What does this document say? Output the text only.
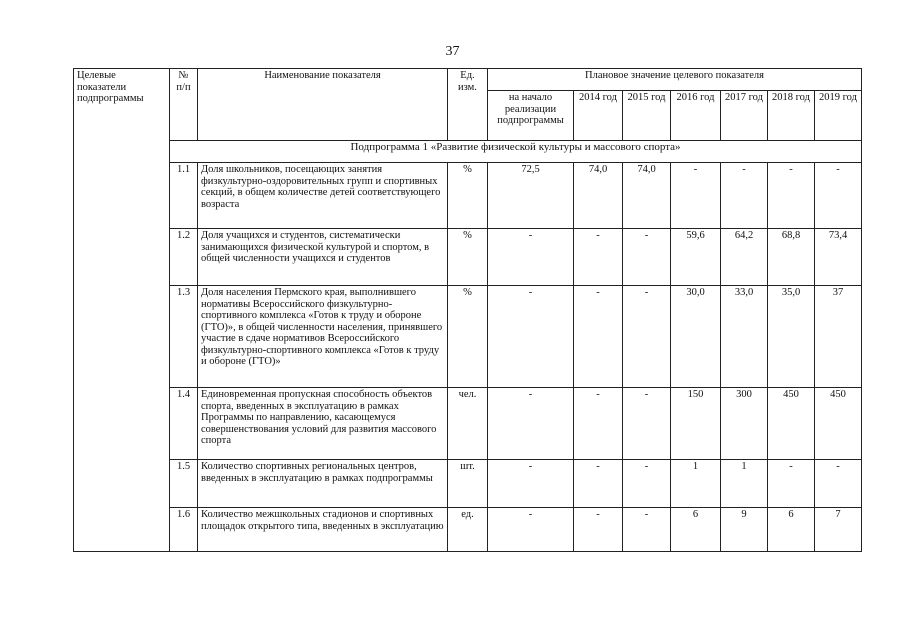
37
Целевые показатели подпрограммы	№ п/п	Наименование показателя	Ед. изм.	Плановое значение целевого показателя						
				на начало реализации подпрограммы	2014 год	2015 год	2016 год	2017 год	2018 год	2019 год
	Подпрограмма 1 «Развитие физической культуры и массового спорта»									
	1.1	Доля школьников, посещающих занятия физкультурно-оздоровительных групп и спортивных секций, в общем количестве детей соответствующего возраста	%	72,5	74,0	74,0	-	-	-	-
	1.2	Доля учащихся и студентов, систематически занимающихся физической культурой и спортом, в общей численности учащихся и студентов	%	-	-	-	59,6	64,2	68,8	73,4
	1.3	Доля населения Пермского края, выполнившего нормативы Всероссийского физкультурно-спортивного комплекса «Готов к труду и обороне (ГТО)», в общей численности населения, принявшего участие в сдаче нормативов Всероссийского физкультурно-спортивного комплекса «Готов к труду и обороне (ГТО)»	%	-	-	-	30,0	33,0	35,0	37
	1.4	Единовременная пропускная способность объектов спорта, введенных в эксплуатацию в рамках Программы по направлению, касающемуся совершенствования условий для развития массового спорта	чел.	-	-	-	150	300	450	450
	1.5	Количество спортивных региональных центров, введенных в эксплуатацию в рамках подпрограммы	шт.	-	-	-	1	1	-	-
	1.6	Количество межшкольных стадионов и спортивных площадок открытого типа, введенных в эксплуатацию	ед.	-	-	-	6	9	6	7
